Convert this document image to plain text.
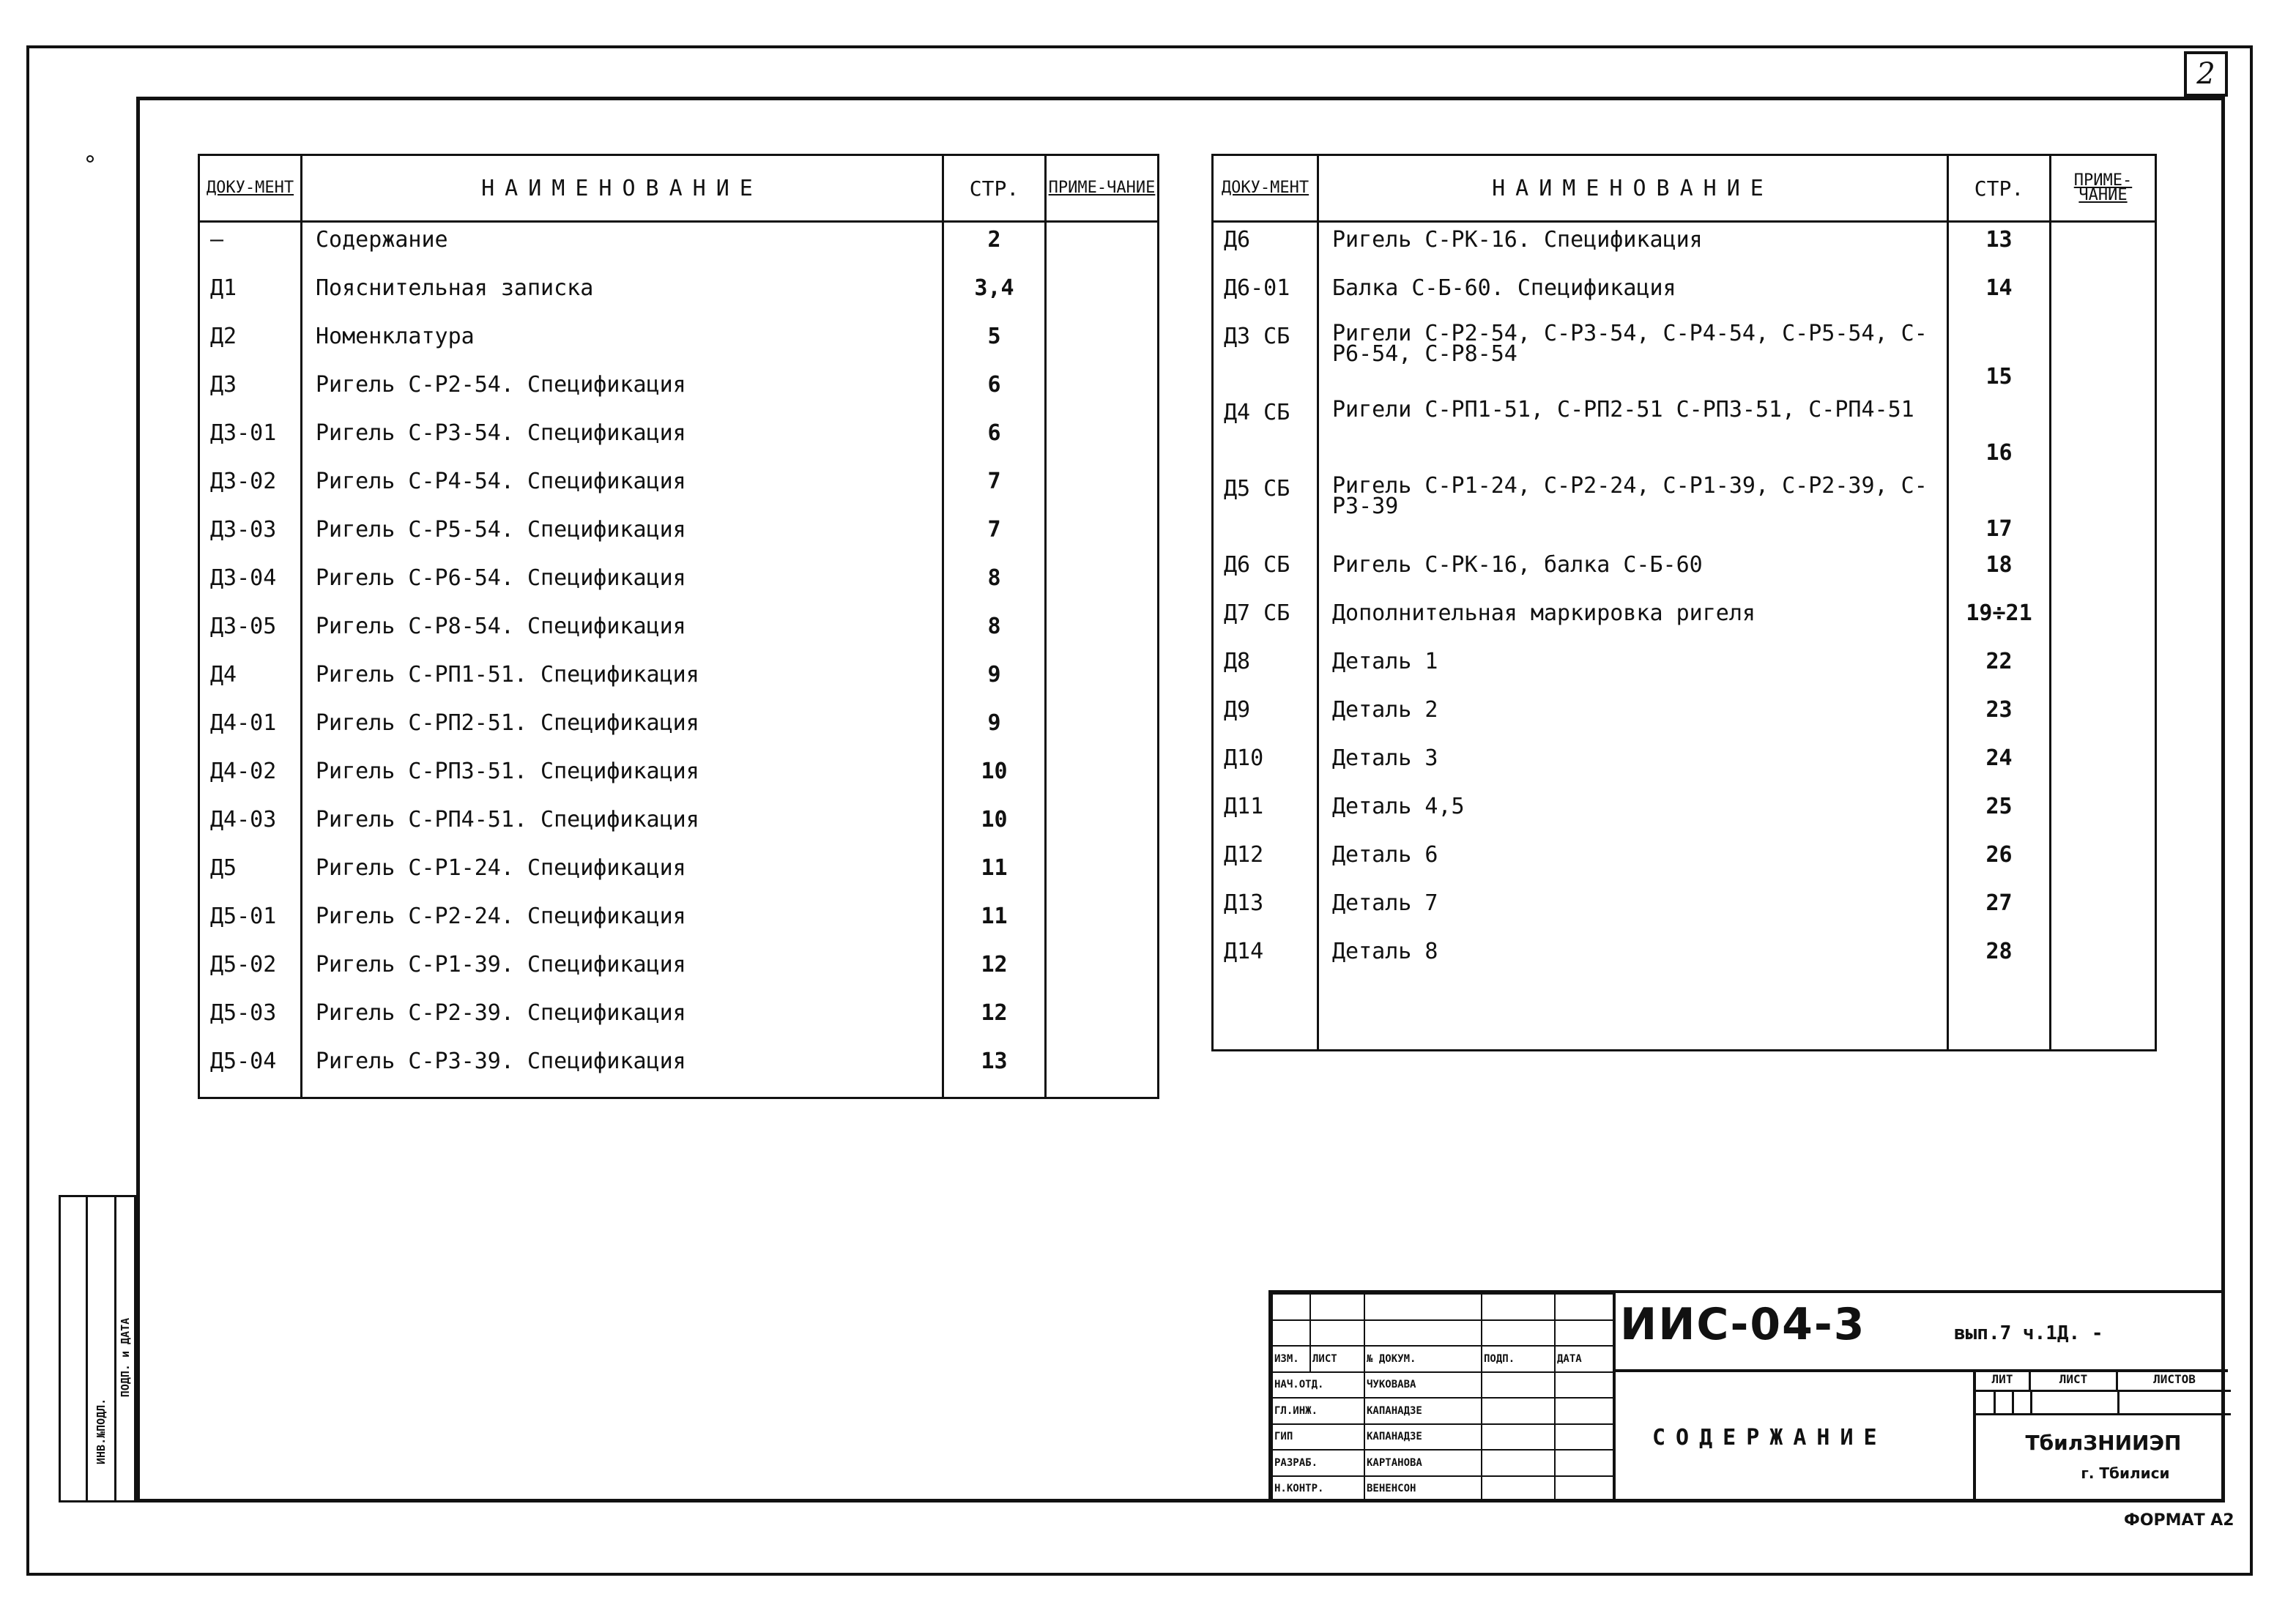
2
ДОКУ-МЕНТ	НАИМЕНОВАНИЕ	СТР.	ПРИМЕ-ЧАНИЕ
–	Содержание	2	
Д1	Пояснительная записка	3,4	
Д2	Номенклатура	5	
Д3	Ригель С-Р2-54. Спецификация	6	
Д3-01	Ригель С-Р3-54. Спецификация	6	
Д3-02	Ригель С-Р4-54. Спецификация	7	
Д3-03	Ригель С-Р5-54. Спецификация	7	
Д3-04	Ригель С-Р6-54. Спецификация	8	
Д3-05	Ригель С-Р8-54. Спецификация	8	
Д4	Ригель С-РП1-51. Спецификация	9	
Д4-01	Ригель С-РП2-51. Спецификация	9	
Д4-02	Ригель С-РП3-51. Спецификация	10	
Д4-03	Ригель С-РП4-51. Спецификация	10	
Д5	Ригель С-Р1-24. Спецификация	11	
Д5-01	Ригель С-Р2-24. Спецификация	11	
Д5-02	Ригель С-Р1-39. Спецификация	12	
Д5-03	Ригель С-Р2-39. Спецификация	12	
Д5-04	Ригель С-Р3-39. Спецификация	13	

ДОКУ-МЕНТ	НАИМЕНОВАНИЕ	СТР.	ПРИМЕ-ЧАНИЕ
Д6	Ригель С-РК-16. Спецификация	13	
Д6-01	Балка С-Б-60. Спецификация	14	
Д3 СБ	Ригели С-Р2-54, С-Р3-54, С-Р4-54, С-Р5-54, С-Р6-54, С-Р8-54	15	
Д4 СБ	Ригели С-РП1-51, С-РП2-51 С-РП3-51, С-РП4-51	16	
Д5 СБ	Ригель С-Р1-24, С-Р2-24, С-Р1-39, С-Р2-39, С-Р3-39	17	
Д6 СБ	Ригель С-РК-16, балка С-Б-60	18	
Д7 СБ	Дополнительная маркировка ригеля	19÷21	
Д8	Деталь 1	22	
Д9	Деталь 2	23	
Д10	Деталь 3	24	
Д11	Деталь 4,5	25	
Д12	Деталь 6	26	
Д13	Деталь 7	27	
Д14	Деталь 8	28	

ИНВ.№ПОДЛ.
ПОДП. и ДАТА

					ИЗМ.	ЛИСТ	№ ДОКУМ.	ПОДП.	ДАТА
НАЧ.ОТД.		ЧУКОВАВА		
ГЛ.ИНЖ.		КАПАНАДЗЕ		
ГИП		КАПАНАДЗЕ		
РАЗРАБ.		КАРТАНОВА		
Н.КОНТР.		ВЕНЕНСОН		
ИИС-04-3	вып.7 ч.1Д. -
СОДЕРЖАНИЕ
ЛИТ	ЛИСТ	ЛИСТОВ
ТбилЗНИИЭП
г. Тбилиси
ФОРМАТ А2
